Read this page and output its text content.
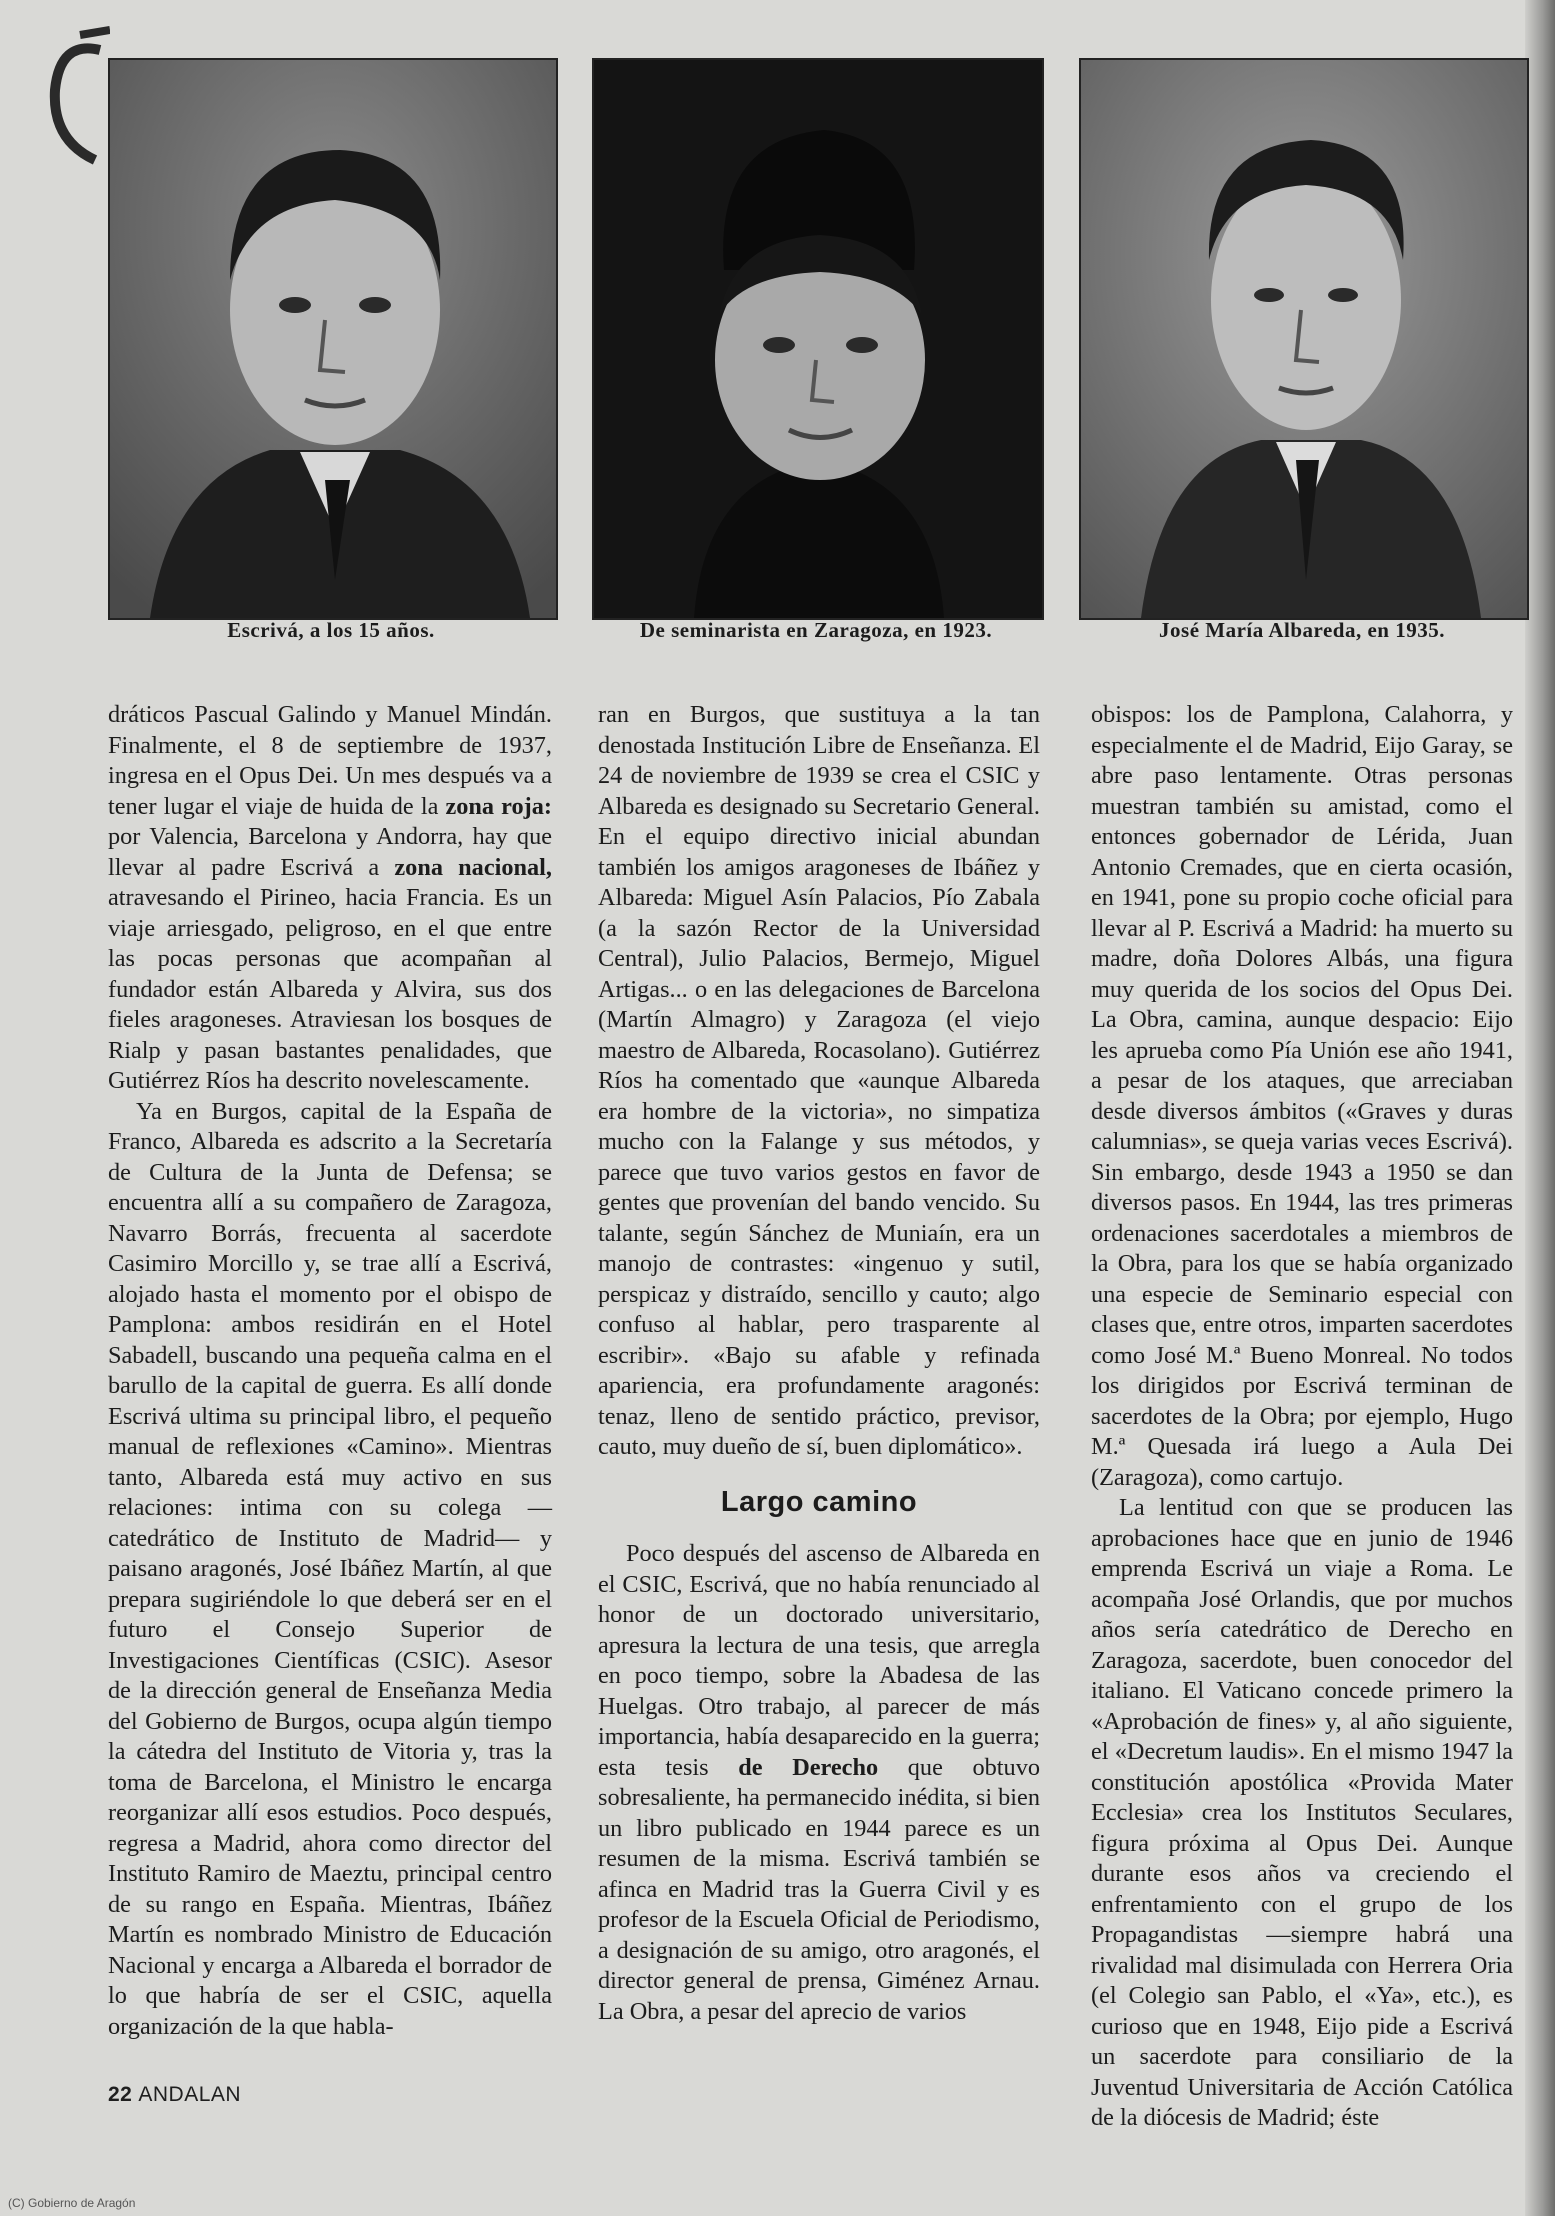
Escrivá, a los 15 años.	De seminarista en Zaragoza, en 1923.	José María Albareda, en 1935.

dráticos Pascual Galindo y Manuel Mindán. Finalmente, el 8 de septiembre de 1937, ingresa en el Opus Dei. Un mes después va a tener lugar el viaje de huida de la zona roja: por Valencia, Barcelona y Andorra, hay que llevar al padre Escrivá a zona nacional, atravesando el Pirineo, hacia Francia. Es un viaje arriesgado, peligroso, en el que entre las pocas personas que acompañan al fundador están Albareda y Alvira, sus dos fieles aragoneses. Atraviesan los bosques de Rialp y pasan bastantes penalidades, que Gutiérrez Ríos ha descrito novelescamente.

Ya en Burgos, capital de la España de Franco, Albareda es adscrito a la Secretaría de Cultura de la Junta de Defensa; se encuentra allí a su compañero de Zaragoza, Navarro Borrás, frecuenta al sacerdote Casimiro Morcillo y, se trae allí a Escrivá, alojado hasta el momento por el obispo de Pamplona: ambos residirán en el Hotel Sabadell, buscando una pequeña calma en el barullo de la capital de guerra. Es allí donde Escrivá ultima su principal libro, el pequeño manual de reflexiones «Camino». Mientras tanto, Albareda está muy activo en sus relaciones: intima con su colega —catedrático de Instituto de Madrid— y paisano aragonés, José Ibáñez Martín, al que prepara sugiriéndole lo que deberá ser en el futuro el Consejo Superior de Investigaciones Científicas (CSIC). Asesor de la dirección general de Enseñanza Media del Gobierno de Burgos, ocupa algún tiempo la cátedra del Instituto de Vitoria y, tras la toma de Barcelona, el Ministro le encarga reorganizar allí esos estudios. Poco después, regresa a Madrid, ahora como director del Instituto Ramiro de Maeztu, principal centro de su rango en España. Mientras, Ibáñez Martín es nombrado Ministro de Educación Nacional y encarga a Albareda el borrador de lo que habría de ser el CSIC, aquella organización de la que habla-

ran en Burgos, que sustituya a la tan denostada Institución Libre de Enseñanza. El 24 de noviembre de 1939 se crea el CSIC y Albareda es designado su Secretario General. En el equipo directivo inicial abundan también los amigos aragoneses de Ibáñez y Albareda: Miguel Asín Palacios, Pío Zabala (a la sazón Rector de la Universidad Central), Julio Palacios, Bermejo, Miguel Artigas... o en las delegaciones de Barcelona (Martín Almagro) y Zaragoza (el viejo maestro de Albareda, Rocasolano). Gutiérrez Ríos ha comentado que «aunque Albareda era hombre de la victoria», no simpatiza mucho con la Falange y sus métodos, y parece que tuvo varios gestos en favor de gentes que provenían del bando vencido. Su talante, según Sánchez de Muniaín, era un manojo de contrastes: «ingenuo y sutil, perspicaz y distraído, sencillo y cauto; algo confuso al hablar, pero trasparente al escribir». «Bajo su afable y refinada apariencia, era profundamente aragonés: tenaz, lleno de sentido práctico, previsor, cauto, muy dueño de sí, buen diplomático».

Largo camino

Poco después del ascenso de Albareda en el CSIC, Escrivá, que no había renunciado al honor de un doctorado universitario, apresura la lectura de una tesis, que arregla en poco tiempo, sobre la Abadesa de las Huelgas. Otro trabajo, al parecer de más importancia, había desaparecido en la guerra; esta tesis de Derecho que obtuvo sobresaliente, ha permanecido inédita, si bien un libro publicado en 1944 parece es un resumen de la misma. Escrivá también se afinca en Madrid tras la Guerra Civil y es profesor de la Escuela Oficial de Periodismo, a designación de su amigo, otro aragonés, el director general de prensa, Giménez Arnau. La Obra, a pesar del aprecio de varios

obispos: los de Pamplona, Calahorra, y especialmente el de Madrid, Eijo Garay, se abre paso lentamente. Otras personas muestran también su amistad, como el entonces gobernador de Lérida, Juan Antonio Cremades, que en cierta ocasión, en 1941, pone su propio coche oficial para llevar al P. Escrivá a Madrid: ha muerto su madre, doña Dolores Albás, una figura muy querida de los socios del Opus Dei. La Obra, camina, aunque despacio: Eijo les aprueba como Pía Unión ese año 1941, a pesar de los ataques, que arreciaban desde diversos ámbitos («Graves y duras calumnias», se queja varias veces Escrivá). Sin embargo, desde 1943 a 1950 se dan diversos pasos. En 1944, las tres primeras ordenaciones sacerdotales a miembros de la Obra, para los que se había organizado una especie de Seminario especial con clases que, entre otros, imparten sacerdotes como José M.ª Bueno Monreal. No todos los dirigidos por Escrivá terminan de sacerdotes de la Obra; por ejemplo, Hugo M.ª Quesada irá luego a Aula Dei (Zaragoza), como cartujo.

La lentitud con que se producen las aprobaciones hace que en junio de 1946 emprenda Escrivá un viaje a Roma. Le acompaña José Orlandis, que por muchos años sería catedrático de Derecho en Zaragoza, sacerdote, buen conocedor del italiano. El Vaticano concede primero la «Aprobación de fines» y, al año siguiente, el «Decretum laudis». En el mismo 1947 la constitución apostólica «Provida Mater Ecclesia» crea los Institutos Seculares, figura próxima al Opus Dei. Aunque durante esos años va creciendo el enfrentamiento con el grupo de los Propagandistas —siempre habrá una rivalidad mal disimulada con Herrera Oria (el Colegio san Pablo, el «Ya», etc.), es curioso que en 1948, Eijo pide a Escrivá un sacerdote para consiliario de la Juventud Universitaria de Acción Católica de la diócesis de Madrid; éste

22 ANDALAN
(C) Gobierno de Aragón
